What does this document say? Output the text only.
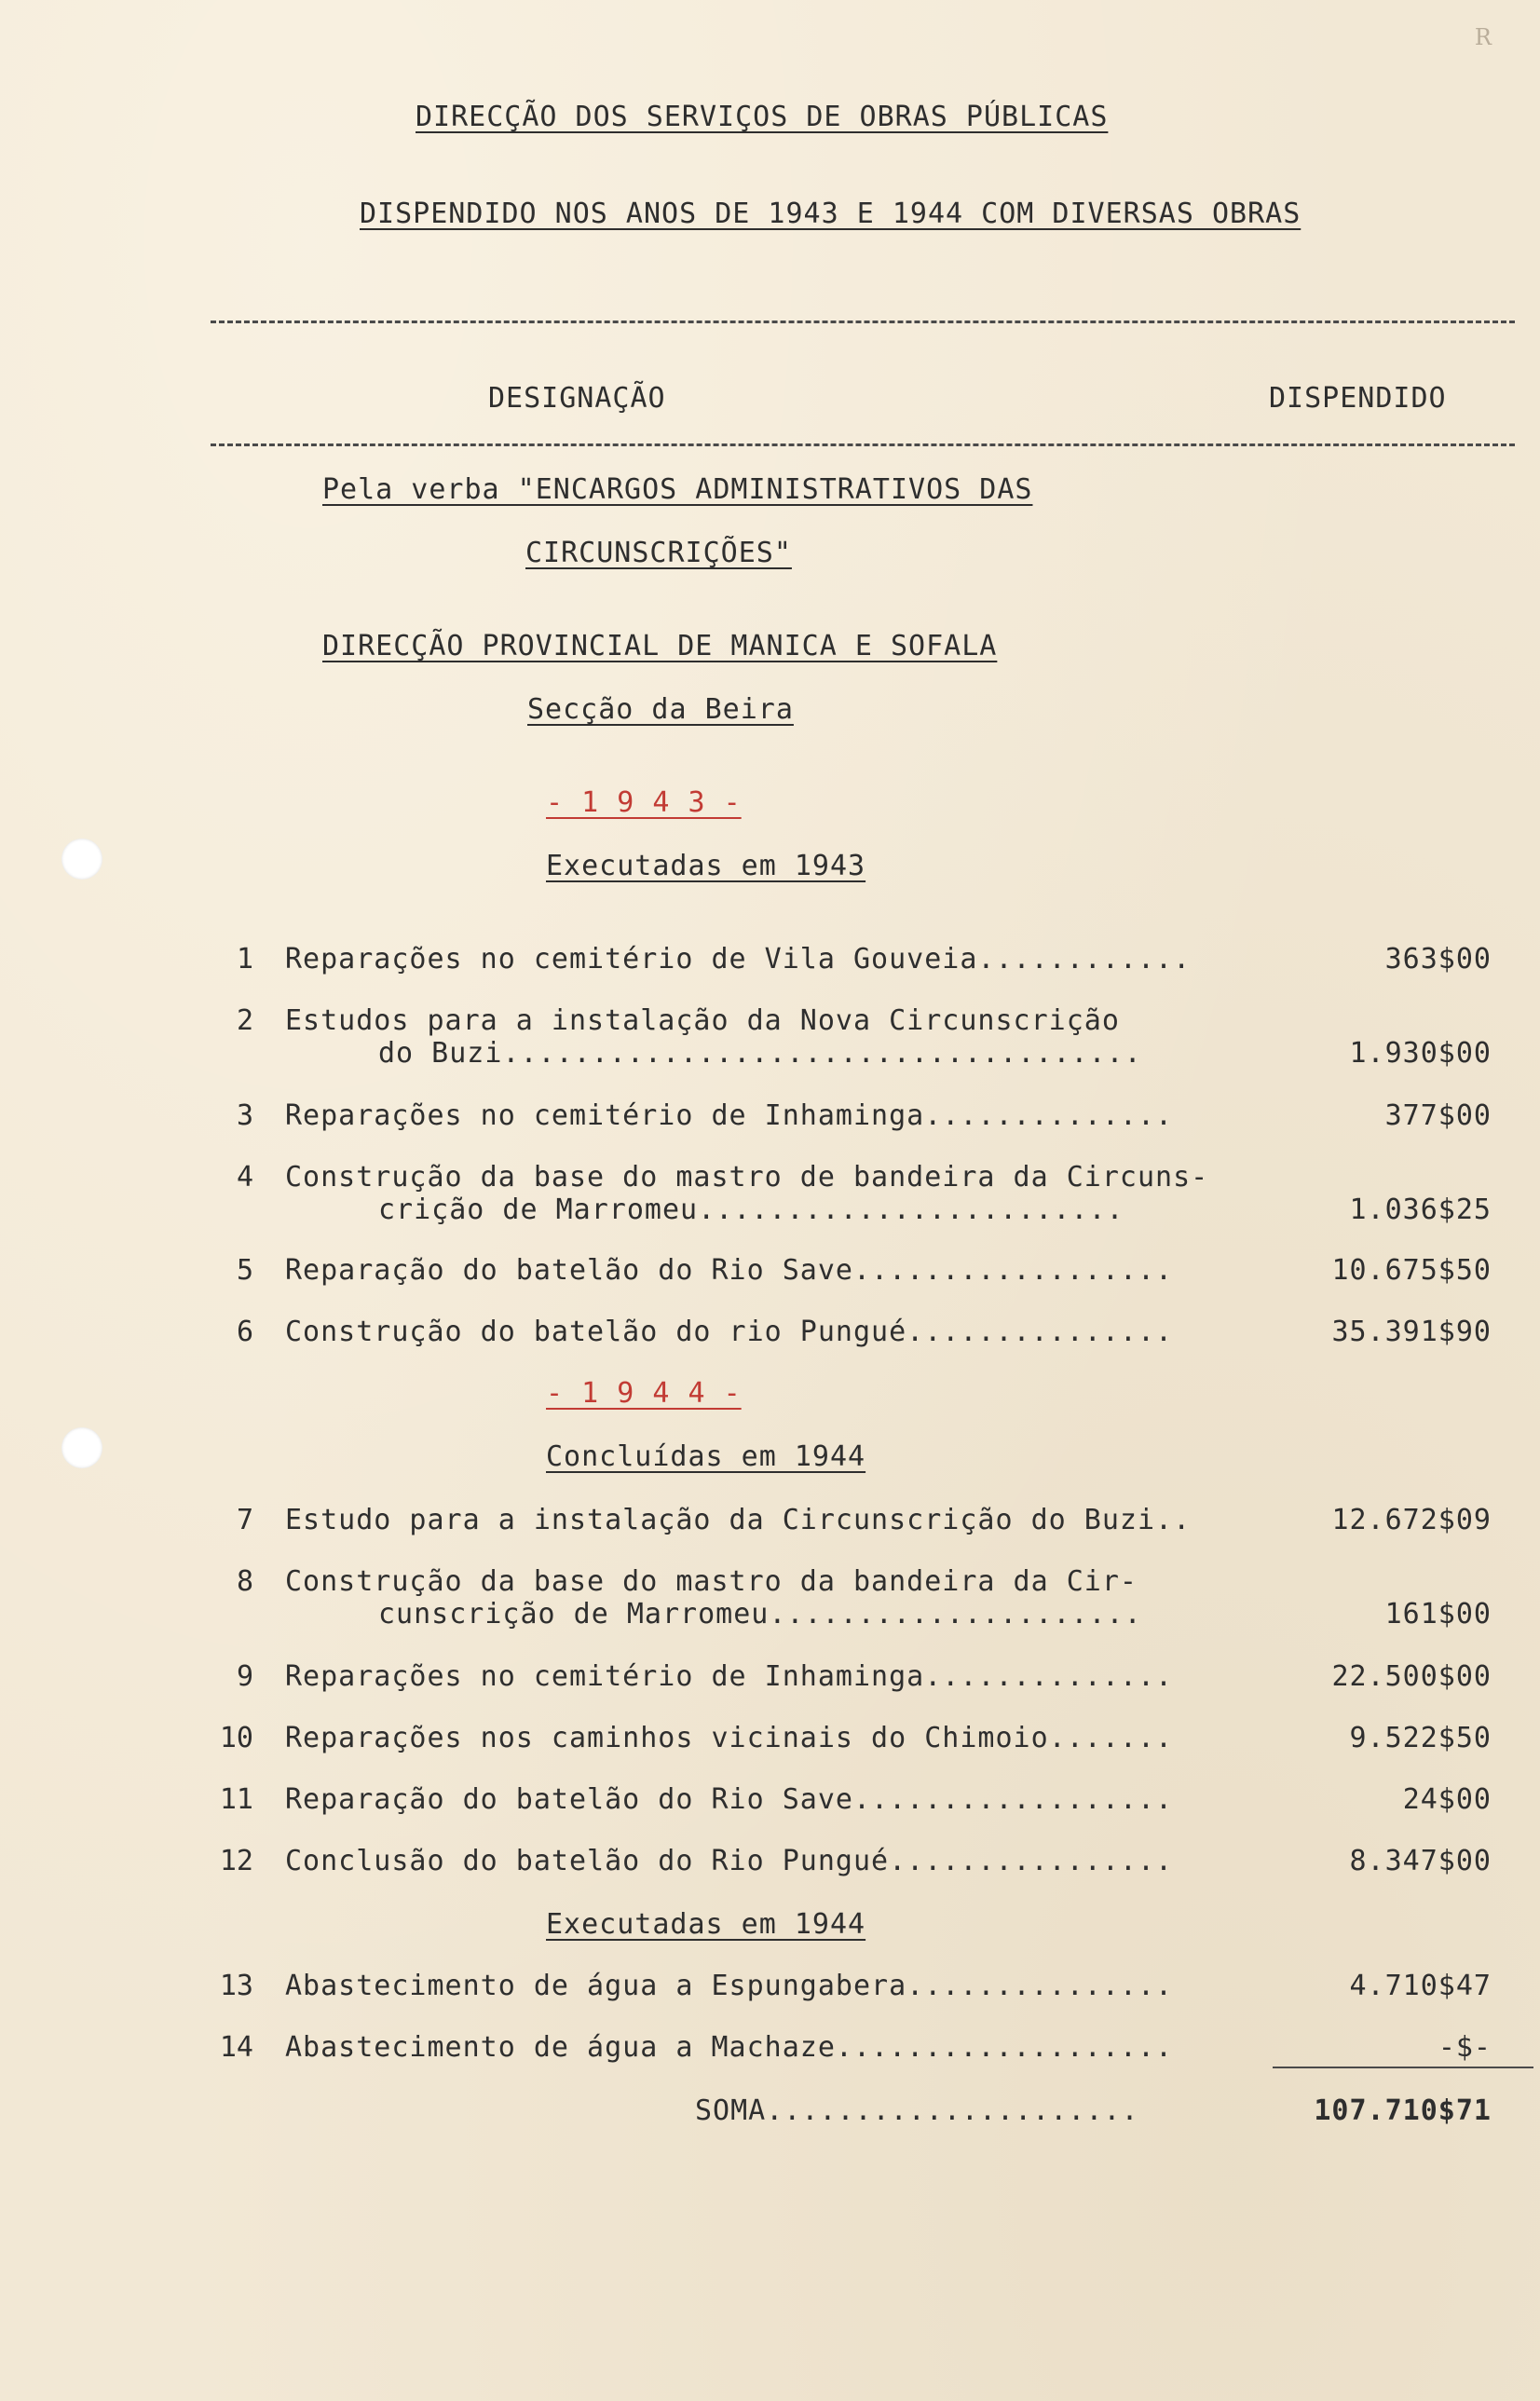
R
DIRECÇÃO DOS SERVIÇOS DE OBRAS PÚBLICAS
DISPENDIDO NOS ANOS DE 1943 E 1944 COM DIVERSAS OBRAS
DESIGNAÇÃO	DISPENDIDO
Pela verba "ENCARGOS ADMINISTRATIVOS DAS
CIRCUNSCRIÇÕES"
DIRECÇÃO PROVINCIAL DE MANICA E SOFALA
Secção da Beira
- 1 9 4 3 -
Executadas em 1943
1 Reparações no cemitério de Vila Gouveia............	363$00
2 Estudos para a instalação da Nova Circunscrição
do Buzi....................................	1.930$00
3 Reparações no cemitério de Inhaminga..............	377$00
4 Construção da base do mastro de bandeira da Circuns-
crição de Marromeu........................	1.036$25
5 Reparação do batelão do Rio Save..................	10.675$50
6 Construção do batelão do rio Pungué...............	35.391$90
- 1 9 4 4 -
Concluídas em 1944
7 Estudo para a instalação da Circunscrição do Buzi..	12.672$09
8 Construção da base do mastro da bandeira da Cir-
cunscrição de Marromeu.....................	161$00
9 Reparações no cemitério de Inhaminga..............	22.500$00
10 Reparações nos caminhos vicinais do Chimoio.......	9.522$50
11 Reparação do batelão do Rio Save..................	24$00
12 Conclusão do batelão do Rio Pungué................	8.347$00
Executadas em 1944
13 Abastecimento de água a Espungabera...............	4.710$47
14 Abastecimento de água a Machaze...................	-$-
SOMA.....................	107.710$71
